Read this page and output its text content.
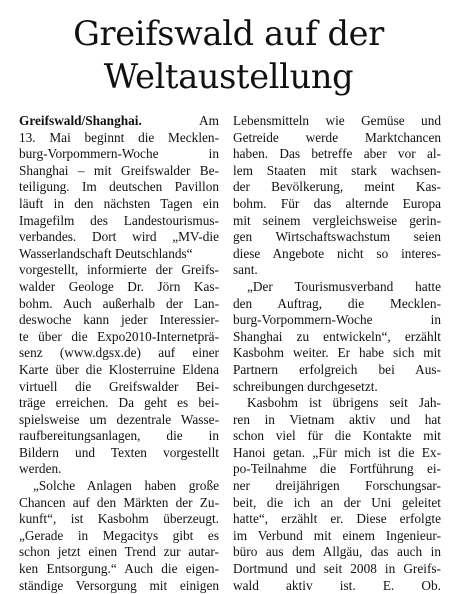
Greifswald auf der
Weltaustellung
Greifswald/Shanghai.	Am
13. Mai beginnt die Mecklen-
burg-Vorpommern-Woche in
Shanghai – mit Greifswalder Be-
teiligung. Im deutschen Pavillon
läuft in den nächsten Tagen ein
Imagefilm des Landestourismus-
verbandes. Dort wird „MV-die
Wasserlandschaft Deutschlands“
vorgestellt, informierte der Greifs-
walder Geologe Dr. Jörn Kas-
bohm. Auch außerhalb der Lan-
deswoche kann jeder Interessier-
te über die Expo2010-Internetprä-
senz (www.dgsx.de) auf einer
Karte über die Klosterruine Eldena
virtuell die Greifswalder Bei-
träge erreichen. Da geht es bei-
spielsweise um dezentrale Wasse-
raufbereitungsanlagen, die in
Bildern und Texten vorgestellt
werden.
„Solche Anlagen haben große
Chancen auf den Märkten der Zu-
kunft“, ist Kasbohm überzeugt.
„Gerade in Megacitys gibt es
schon jetzt einen Trend zur autar-
ken Entsorgung.“ Auch die eigen-
ständige Versorgung mit einigen
Lebensmitteln wie Gemüse und
Getreide werde Marktchancen
haben. Das betreffe aber vor al-
lem Staaten mit stark wachsen-
der Bevölkerung, meint Kas-
bohm. Für das alternde Europa
mit seinem vergleichsweise gerin-
gen Wirtschaftswachstum seien
diese Angebote nicht so interes-
sant.
„Der Tourismusverband hatte
den Auftrag, die Mecklen-
burg-Vorpommern-Woche in
Shanghai zu entwickeln“, erzählt
Kasbohm weiter. Er habe sich mit
Partnern erfolgreich bei Aus-
schreibungen durchgesetzt.
Kasbohm ist übrigens seit Jah-
ren in Vietnam aktiv und hat
schon viel für die Kontakte mit
Hanoi getan. „Für mich ist die Ex-
po-Teilnahme die Fortführung ei-
ner dreijährigen Forschungsar-
beit, die ich an der Uni geleitet
hatte“, erzählt er. Diese erfolgte
im Verbund mit einem Ingenieur-
büro aus dem Allgäu, das auch in
Dortmund und seit 2008 in Greifs-
wald aktiv ist. E. Ob.
